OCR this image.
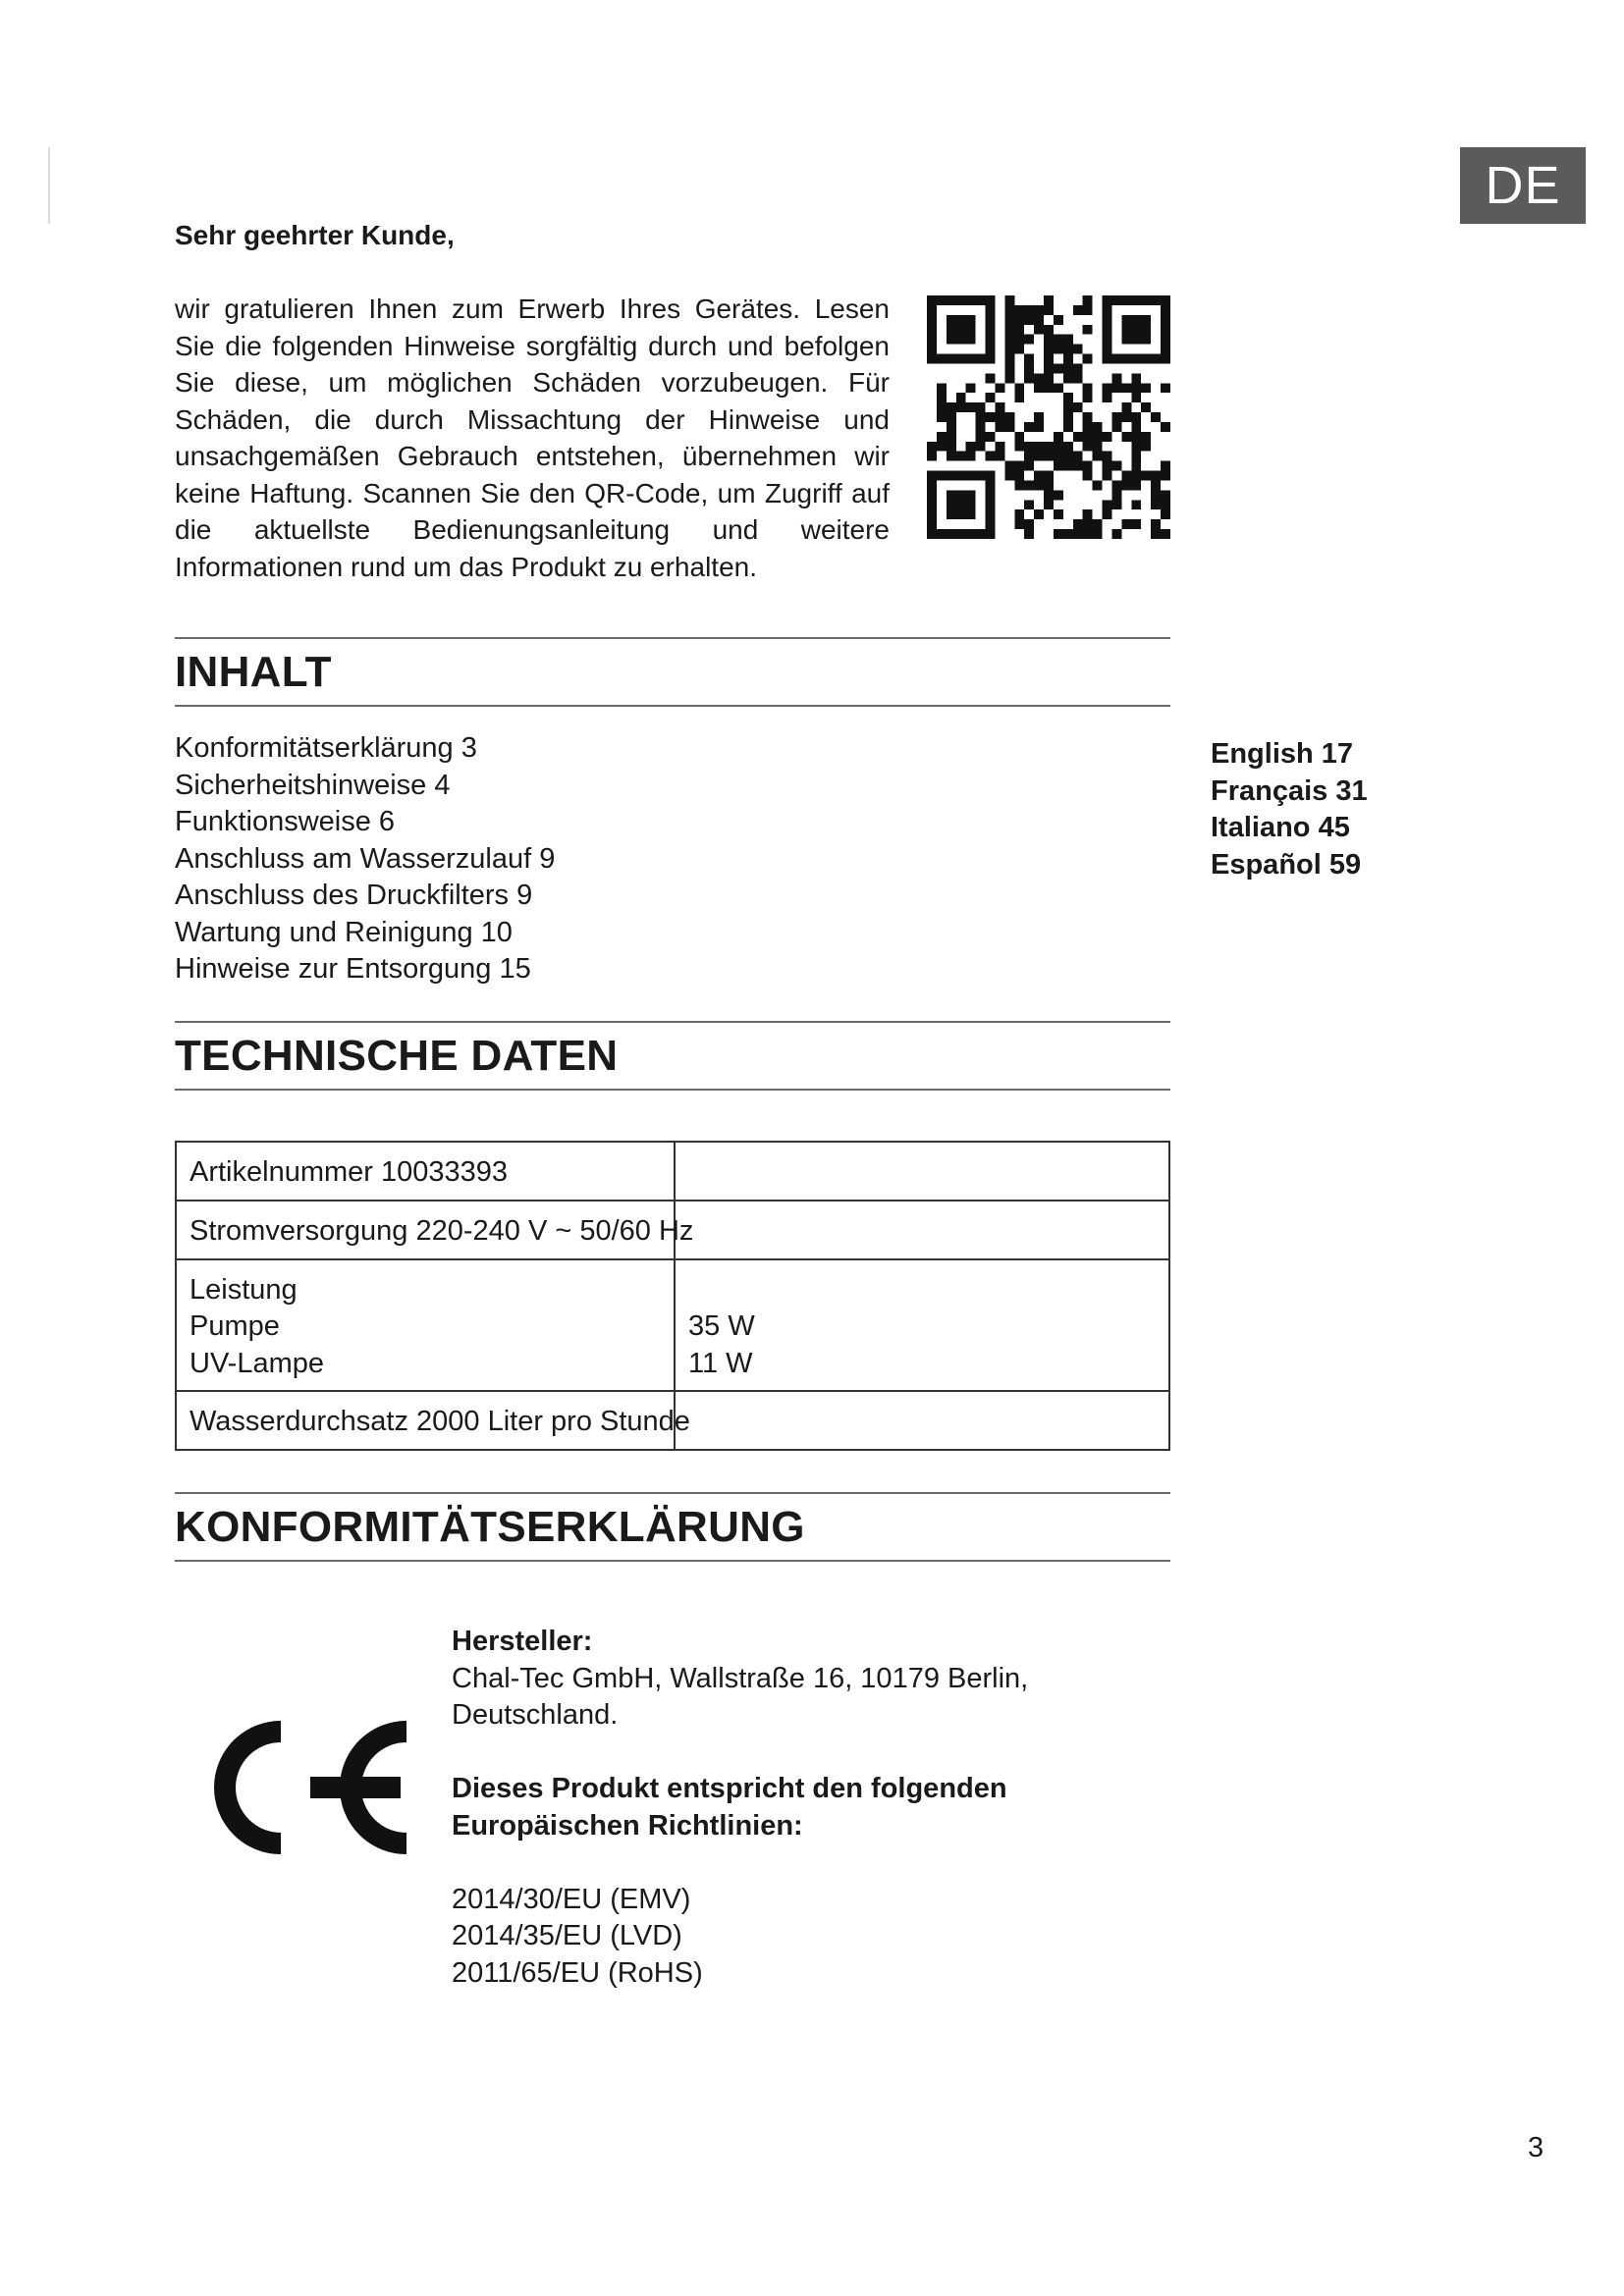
DE
Sehr geehrter Kunde,

wir gratulieren Ihnen zum Erwerb Ihres Gerätes. Lesen Sie die folgenden Hinweise sorgfältig durch und befolgen Sie diese, um möglichen Schäden vorzubeugen. Für Schäden, die durch Missachtung der Hinweise und unsachgemäßen Gebrauch entstehen, übernehmen wir keine Haftung. Scannen Sie den QR-Code, um Zugriff auf die aktuellste Bedienungsanleitung und weitere Informationen rund um das Produkt zu erhalten.

INHALT
Konformitätserklärung 3
Sicherheitshinweise 4
Funktionsweise 6
Anschluss am Wasserzulauf 9
Anschluss des Druckfilters 9
Wartung und Reinigung 10
Hinweise zur Entsorgung 15
English 17
Français 31
Italiano 45
Español 59
TECHNISCHE DATEN
Artikelnummer 10033393
Stromversorgung 220-240 V ~ 50/60 Hz
Leistung
Pumpe	35 W
UV-Lampe	11 W
Wasserdurchsatz 2000 Liter pro Stunde
KONFORMITÄTSERKLÄRUNG

Hersteller:

Chal-Tec GmbH, Wallstraße 16, 10179 Berlin,

Deutschland.

Dieses Produkt entspricht den folgenden

Europäischen Richtlinien:

2014/30/EU (EMV)

2014/35/EU (LVD)

2011/65/EU (RoHS)

3
